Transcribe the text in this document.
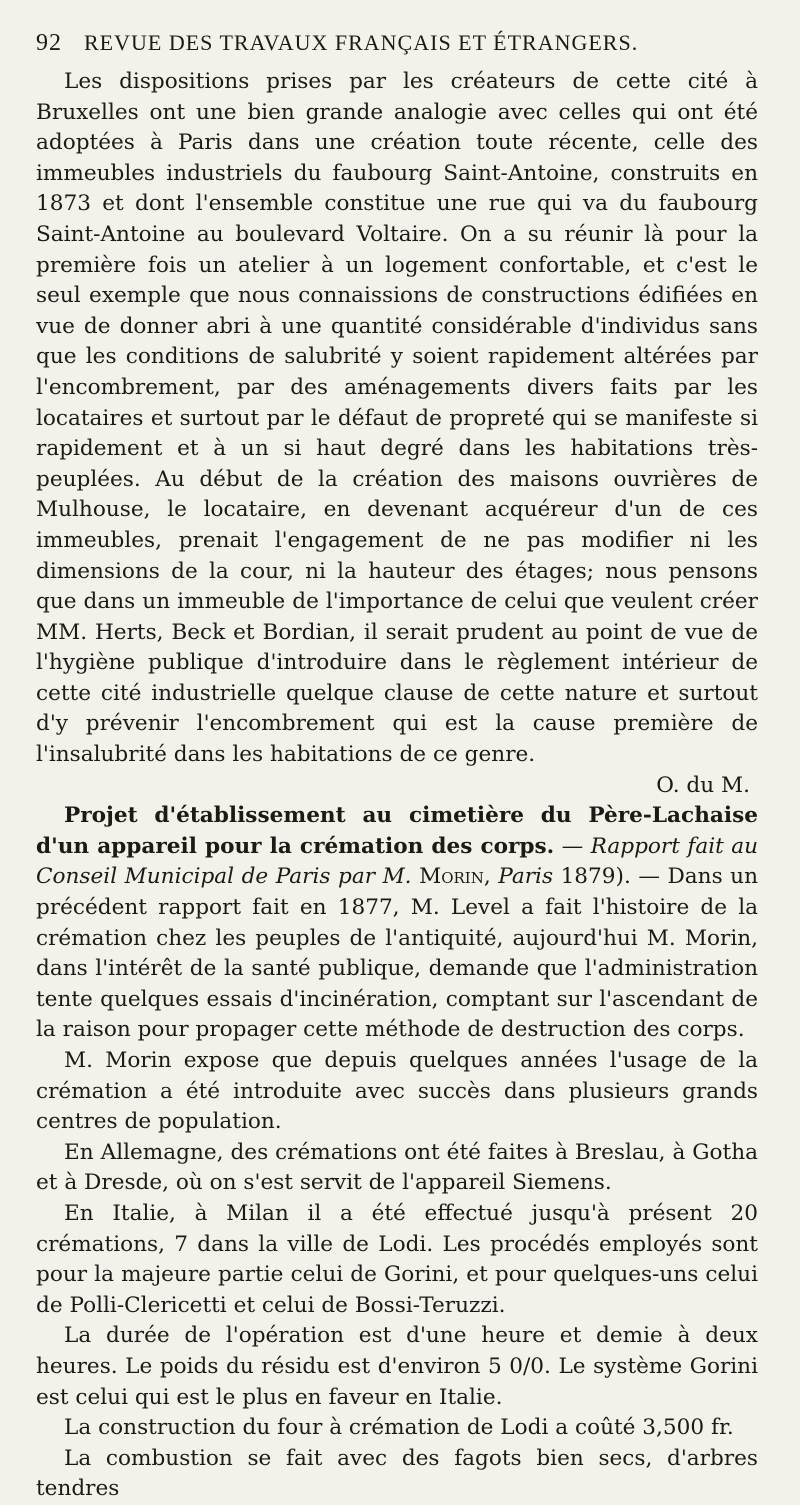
92 REVUE DES TRAVAUX FRANÇAIS ET ÉTRANGERS.

Les dispositions prises par les créateurs de cette cité à Bruxelles ont une bien grande analogie avec celles qui ont été adoptées à Paris dans une création toute récente, celle des immeubles industriels du faubourg Saint-Antoine, construits en 1873 et dont l'ensemble constitue une rue qui va du faubourg Saint-Antoine au boulevard Voltaire. On a su réunir là pour la première fois un atelier à un logement confortable, et c'est le seul exemple que nous connaissions de constructions édifiées en vue de donner abri à une quantité considérable d'individus sans que les conditions de salubrité y soient rapidement altérées par l'encombrement, par des aménagements divers faits par les locataires et surtout par le défaut de propreté qui se manifeste si rapidement et à un si haut degré dans les habitations très-peuplées. Au début de la création des maisons ouvrières de Mulhouse, le locataire, en devenant acquéreur d'un de ces immeubles, prenait l'engagement de ne pas modifier ni les dimensions de la cour, ni la hauteur des étages; nous pensons que dans un immeuble de l'importance de celui que veulent créer MM. Herts, Beck et Bordian, il serait prudent au point de vue de l'hygiène publique d'introduire dans le règlement intérieur de cette cité industrielle quelque clause de cette nature et surtout d'y prévenir l'encombrement qui est la cause première de l'insalubrité dans les habitations de ce genre.

O. du M.

Projet d'établissement au cimetière du Père-Lachaise d'un appareil pour la crémation des corps. — Rapport fait au Conseil Municipal de Paris par M. Morin, Paris 1879). — Dans un précédent rapport fait en 1877, M. Level a fait l'histoire de la crémation chez les peuples de l'antiquité, aujourd'hui M. Morin, dans l'intérêt de la santé publique, demande que l'administration tente quelques essais d'incinération, comptant sur l'ascendant de la raison pour propager cette méthode de destruction des corps.

M. Morin expose que depuis quelques années l'usage de la crémation a été introduite avec succès dans plusieurs grands centres de population.

En Allemagne, des crémations ont été faites à Breslau, à Gotha et à Dresde, où on s'est servit de l'appareil Siemens.

En Italie, à Milan il a été effectué jusqu'à présent 20 crémations, 7 dans la ville de Lodi. Les procédés employés sont pour la majeure partie celui de Gorini, et pour quelques-uns celui de Polli-Clericetti et celui de Bossi-Teruzzi.

La durée de l'opération est d'une heure et demie à deux heures. Le poids du résidu est d'environ 5 0/0. Le système Gorini est celui qui est le plus en faveur en Italie.

La construction du four à crémation de Lodi a coûté 3,500 fr.

La combustion se fait avec des fagots bien secs, d'arbres tendres
